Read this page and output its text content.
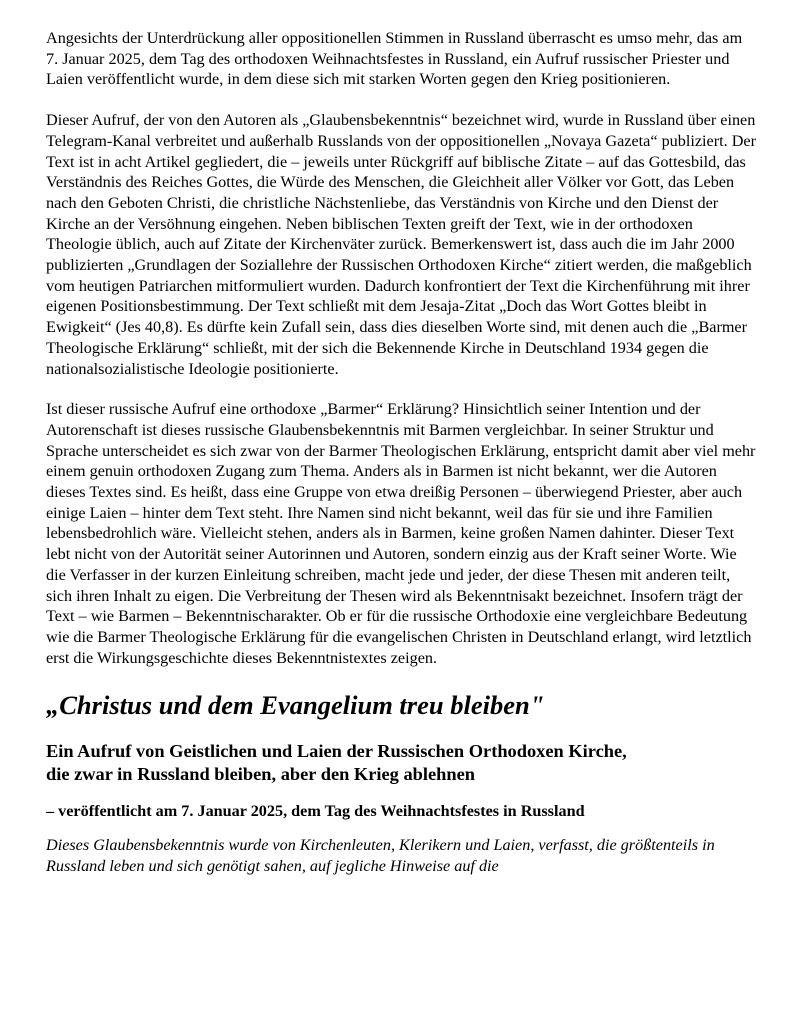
Angesichts der Unterdrückung aller oppositionellen Stimmen in Russland überrascht es umso mehr, das am 7. Januar 2025, dem Tag des orthodoxen Weihnachtsfestes in Russland, ein Aufruf russischer Priester und Laien veröffentlicht wurde, in dem diese sich mit starken Worten gegen den Krieg positionieren.

Dieser Aufruf, der von den Autoren als „Glaubensbekenntnis“ bezeichnet wird, wurde in Russland über einen Telegram-Kanal verbreitet und außerhalb Russlands von der oppositionellen „Novaya Gazeta“ publiziert. Der Text ist in acht Artikel gegliedert, die – jeweils unter Rückgriff auf biblische Zitate – auf das Gottesbild, das Verständnis des Reiches Gottes, die Würde des Menschen, die Gleichheit aller Völker vor Gott, das Leben nach den Geboten Christi, die christliche Nächstenliebe, das Verständnis von Kirche und den Dienst der Kirche an der Versöhnung eingehen. Neben biblischen Texten greift der Text, wie in der orthodoxen Theologie üblich, auch auf Zitate der Kirchenväter zurück. Bemerkenswert ist, dass auch die im Jahr 2000 publizierten „Grundlagen der Soziallehre der Russischen Orthodoxen Kirche“ zitiert werden, die maßgeblich vom heutigen Patriarchen mitformuliert wurden. Dadurch konfrontiert der Text die Kirchenführung mit ihrer eigenen Positionsbestimmung. Der Text schließt mit dem Jesaja-Zitat „Doch das Wort Gottes bleibt in Ewigkeit“ (Jes 40,8). Es dürfte kein Zufall sein, dass dies dieselben Worte sind, mit denen auch die „Barmer Theologische Erklärung“ schließt, mit der sich die Bekennende Kirche in Deutschland 1934 gegen die nationalsozialistische Ideologie positionierte.

Ist dieser russische Aufruf eine orthodoxe „Barmer“ Erklärung? Hinsichtlich seiner Intention und der Autorenschaft ist dieses russische Glaubensbekenntnis mit Barmen vergleichbar. In seiner Struktur und Sprache unterscheidet es sich zwar von der Barmer Theologischen Erklärung, entspricht damit aber viel mehr einem genuin orthodoxen Zugang zum Thema. Anders als in Barmen ist nicht bekannt, wer die Autoren dieses Textes sind. Es heißt, dass eine Gruppe von etwa dreißig Personen – überwiegend Priester, aber auch einige Laien – hinter dem Text steht. Ihre Namen sind nicht bekannt, weil das für sie und ihre Familien lebensbedrohlich wäre. Vielleicht stehen, anders als in Barmen, keine großen Namen dahinter. Dieser Text lebt nicht von der Autorität seiner Autorinnen und Autoren, sondern einzig aus der Kraft seiner Worte. Wie die Verfasser in der kurzen Einleitung schreiben, macht jede und jeder, der diese Thesen mit anderen teilt, sich ihren Inhalt zu eigen. Die Verbreitung der Thesen wird als Bekenntnisakt bezeichnet. Insofern trägt der Text – wie Barmen – Bekenntnischarakter. Ob er für die russische Orthodoxie eine vergleichbare Bedeutung wie die Barmer Theologische Erklärung für die evangelischen Christen in Deutschland erlangt, wird letztlich erst die Wirkungsgeschichte dieses Bekenntnistextes zeigen.

„Christus und dem Evangelium treu bleiben"
Ein Aufruf von Geistlichen und Laien der Russischen Orthodoxen Kirche,
die zwar in Russland bleiben, aber den Krieg ablehnen

– veröffentlicht am 7. Januar 2025, dem Tag des Weihnachtsfestes in Russland

Dieses Glaubensbekenntnis wurde von Kirchenleuten, Klerikern und Laien, verfasst, die größtenteils in Russland leben und sich genötigt sahen, auf jegliche Hinweise auf die
